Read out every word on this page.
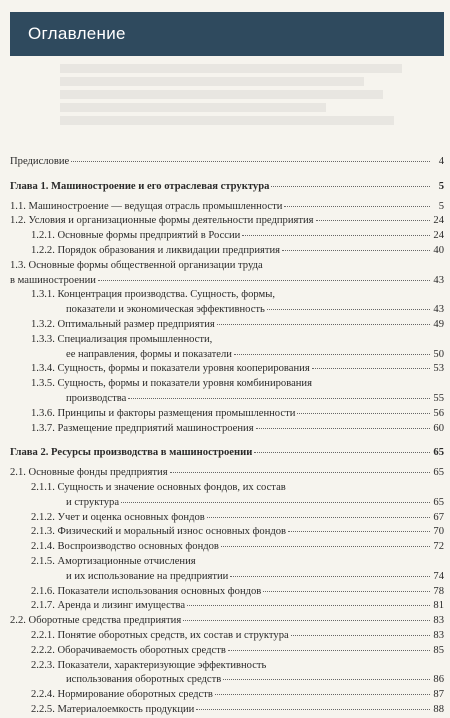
Оглавление
Предисловие	4
Глава 1. Машиностроение и его отраслевая структура	5
1.1. Машиностроение — ведущая отрасль промышленности	5
1.2. Условия и организационные формы деятельности предприятия	24
1.2.1. Основные формы предприятий в России	24
1.2.2. Порядок образования и ликвидации предприятия	40
1.3. Основные формы общественной организации труда
в машиностроении	43
1.3.1. Концентрация производства. Сущность, формы,
показатели и экономическая эффективность	43
1.3.2. Оптимальный размер предприятия	49
1.3.3. Специализация промышленности,
ее направления, формы и показатели	50
1.3.4. Сущность, формы и показатели уровня кооперирования	53
1.3.5. Сущность, формы и показатели уровня комбинирования
производства	55
1.3.6. Принципы и факторы размещения промышленности	56
1.3.7. Размещение предприятий машиностроения	60
Глава 2. Ресурсы производства в машиностроении	65
2.1. Основные фонды предприятия	65
2.1.1. Сущность и значение основных фондов, их состав
и структура	65
2.1.2. Учет и оценка основных фондов	67
2.1.3. Физический и моральный износ основных фондов	70
2.1.4. Воспроизводство основных фондов	72
2.1.5. Амортизационные отчисления
и их использование на предприятии	74
2.1.6. Показатели использования основных фондов	78
2.1.7. Аренда и лизинг имущества	81
2.2. Оборотные средства предприятия	83
2.2.1. Понятие оборотных средств, их состав и структура	83
2.2.2. Оборачиваемость оборотных средств	85
2.2.3. Показатели, характеризующие эффективность
использования оборотных средств	86
2.2.4. Нормирование оборотных средств	87
2.2.5. Материалоемкость продукции	88
